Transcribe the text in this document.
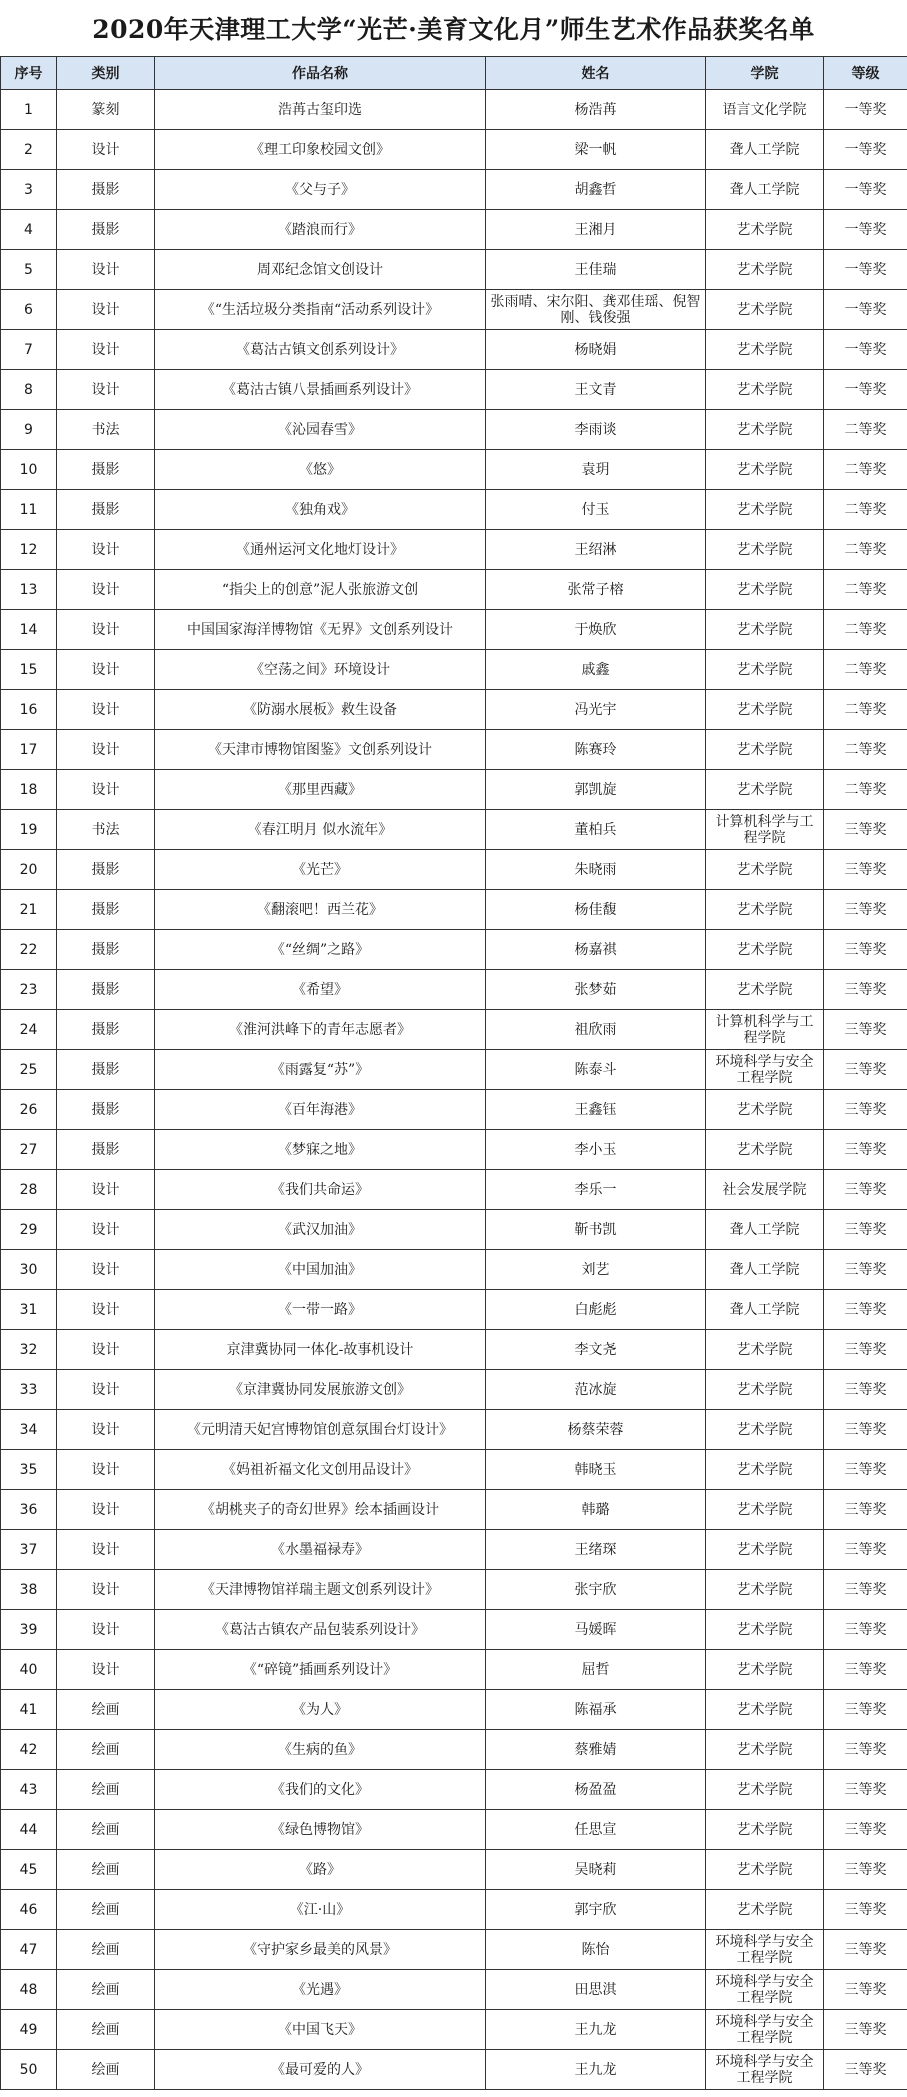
2020年天津理工大学“光芒·美育文化月”师生艺术作品获奖名单
序号	类别	作品名称	姓名	学院	等级
1	篆刻	浩苒古玺印选	杨浩苒	语言文化学院	一等奖
2	设计	《理工印象校园文创》	梁一帆	聋人工学院	一等奖
3	摄影	《父与子》	胡鑫哲	聋人工学院	一等奖
4	摄影	《踏浪而行》	王湘月	艺术学院	一等奖
5	设计	周邓纪念馆文创设计	王佳瑞	艺术学院	一等奖
6	设计	《“生活垃圾分类指南“活动系列设计》	张雨晴、宋尔阳、龚邓佳瑶、倪智刚、钱俊强	艺术学院	一等奖
7	设计	《葛沽古镇文创系列设计》	杨晓娟	艺术学院	一等奖
8	设计	《葛沽古镇八景插画系列设计》	王文青	艺术学院	一等奖
9	书法	《沁园春雪》	李雨谈	艺术学院	二等奖
10	摄影	《悠》	袁玥	艺术学院	二等奖
11	摄影	《独角戏》	付玉	艺术学院	二等奖
12	设计	《通州运河文化地灯设计》	王绍淋	艺术学院	二等奖
13	设计	“指尖上的创意”泥人张旅游文创	张常子榕	艺术学院	二等奖
14	设计	中国国家海洋博物馆《无界》文创系列设计	于焕欣	艺术学院	二等奖
15	设计	《空荡之间》环境设计	戚鑫	艺术学院	二等奖
16	设计	《防溺水展板》救生设备	冯光宇	艺术学院	二等奖
17	设计	《天津市博物馆图鉴》文创系列设计	陈赛玲	艺术学院	二等奖
18	设计	《那里西藏》	郭凯旋	艺术学院	二等奖
19	书法	《春江明月 似水流年》	董柏兵	计算机科学与工程学院	三等奖
20	摄影	《光芒》	朱晓雨	艺术学院	三等奖
21	摄影	《翻滚吧！西兰花》	杨佳馥	艺术学院	三等奖
22	摄影	《“丝绸”之路》	杨嘉祺	艺术学院	三等奖
23	摄影	《希望》	张梦茹	艺术学院	三等奖
24	摄影	《淮河洪峰下的青年志愿者》	祖欣雨	计算机科学与工程学院	三等奖
25	摄影	《雨露复“苏”》	陈泰斗	环境科学与安全工程学院	三等奖
26	摄影	《百年海港》	王鑫钰	艺术学院	三等奖
27	摄影	《梦寐之地》	李小玉	艺术学院	三等奖
28	设计	《我们共命运》	李乐一	社会发展学院	三等奖
29	设计	《武汉加油》	靳书凯	聋人工学院	三等奖
30	设计	《中国加油》	刘艺	聋人工学院	三等奖
31	设计	《一带一路》	白彪彪	聋人工学院	三等奖
32	设计	京津冀协同一体化-故事机设计	李文尧	艺术学院	三等奖
33	设计	《京津冀协同发展旅游文创》	范冰旋	艺术学院	三等奖
34	设计	《元明清天妃宫博物馆创意氛围台灯设计》	杨蔡荣蓉	艺术学院	三等奖
35	设计	《妈祖祈福文化文创用品设计》	韩晓玉	艺术学院	三等奖
36	设计	《胡桃夹子的奇幻世界》绘本插画设计	韩璐	艺术学院	三等奖
37	设计	《水墨福禄寿》	王绪琛	艺术学院	三等奖
38	设计	《天津博物馆祥瑞主题文创系列设计》	张宇欣	艺术学院	三等奖
39	设计	《葛沽古镇农产品包装系列设计》	马媛晖	艺术学院	三等奖
40	设计	《“碎镜”插画系列设计》	屈哲	艺术学院	三等奖
41	绘画	《为人》	陈福承	艺术学院	三等奖
42	绘画	《生病的鱼》	蔡雅婧	艺术学院	三等奖
43	绘画	《我们的文化》	杨盈盈	艺术学院	三等奖
44	绘画	《绿色博物馆》	任思宣	艺术学院	三等奖
45	绘画	《路》	吴晓莉	艺术学院	三等奖
46	绘画	《江·山》	郭宇欣	艺术学院	三等奖
47	绘画	《守护家乡最美的风景》	陈怡	环境科学与安全工程学院	三等奖
48	绘画	《光遇》	田思淇	环境科学与安全工程学院	三等奖
49	绘画	《中国飞天》	王九龙	环境科学与安全工程学院	三等奖
50	绘画	《最可爱的人》	王九龙	环境科学与安全工程学院	三等奖
